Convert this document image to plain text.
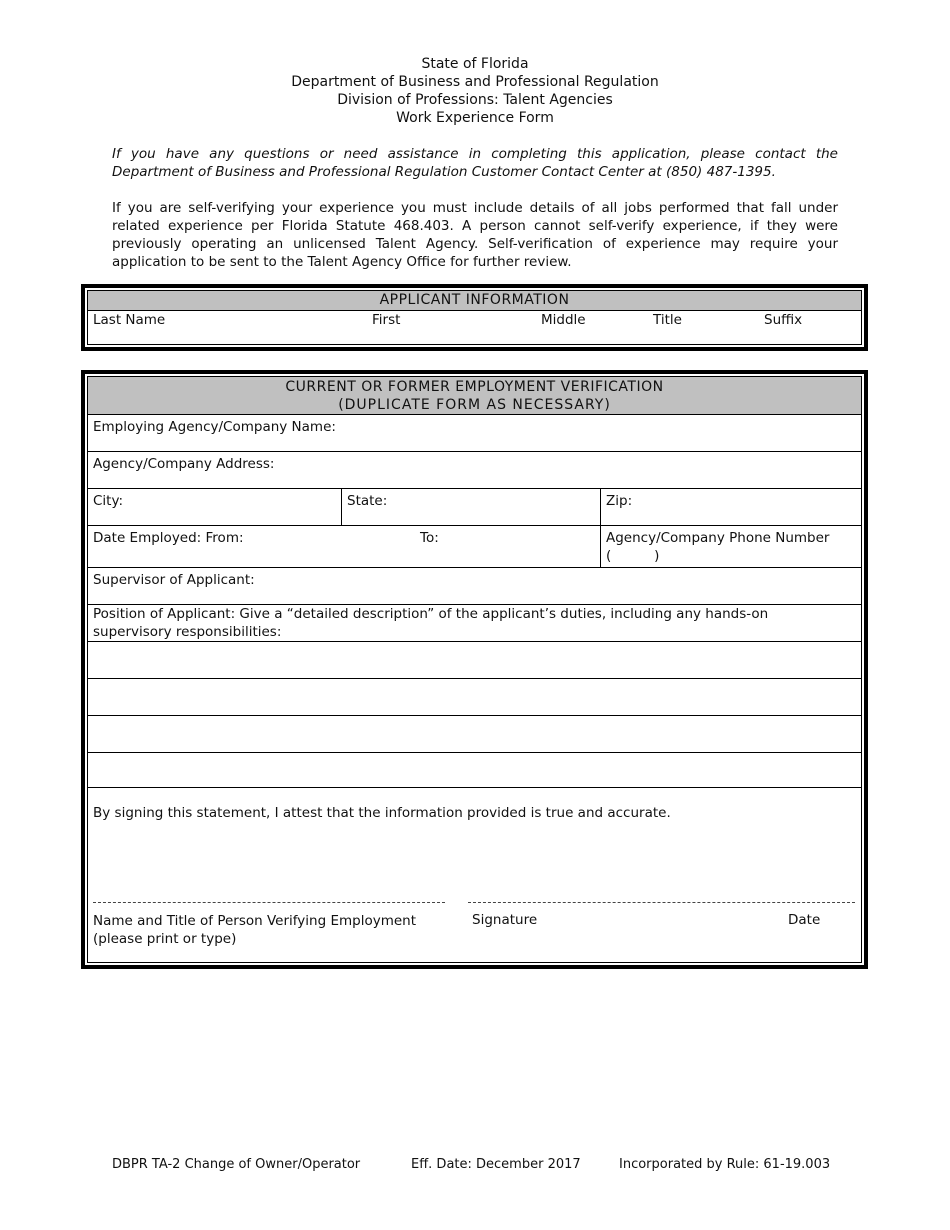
State of Florida
Department of Business and Professional Regulation
Division of Professions: Talent Agencies
Work Experience Form
If you have any questions or need assistance in completing this application, please contact the Department of Business and Professional Regulation Customer Contact Center at (850) 487-1395.
If you are self-verifying your experience you must include details of all jobs performed that fall under related experience per Florida Statute 468.403. A person cannot self-verify experience, if they were previously operating an unlicensed Talent Agency. Self-verification of experience may require your application to be sent to the Talent Agency Office for further review.
APPLICANT INFORMATION
Last Name	First	Middle	Title	Suffix
CURRENT OR FORMER EMPLOYMENT VERIFICATION
(DUPLICATE FORM AS NECESSARY)
Employing Agency/Company Name:
Agency/Company Address:
City:	State:	Zip:
Date Employed: From:	To:	Agency/Company Phone Number
(          )
Supervisor of Applicant:
Position of Applicant: Give a “detailed description” of the applicant’s duties, including any hands-on
supervisory responsibilities:
By signing this statement, I attest that the information provided is true and accurate.
Name and Title of Person Verifying Employment
(please print or type)
Signature	Date
DBPR TA-2 Change of Owner/Operator	Eff. Date: December 2017	Incorporated by Rule: 61-19.003
